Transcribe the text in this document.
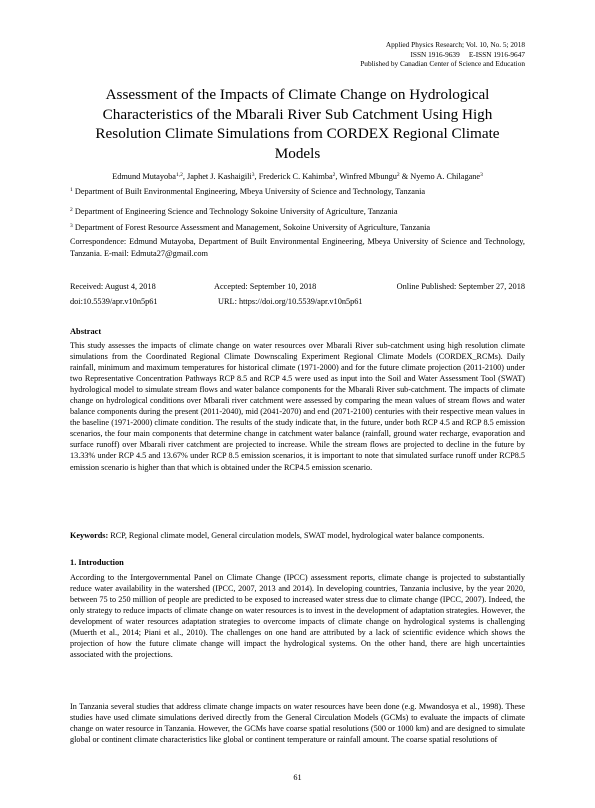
Applied Physics Research; Vol. 10, No. 5; 2018
ISSN 1916-9639     E-ISSN 1916-9647
Published by Canadian Center of Science and Education
Assessment of the Impacts of Climate Change on Hydrological Characteristics of the Mbarali River Sub Catchment Using High Resolution Climate Simulations from CORDEX Regional Climate Models
Edmund Mutayoba$^{1,2}$, Japhet J. Kashaigili$^3$, Frederick C. Kahimba$^2$, Winfred Mbungu$^2$ & Nyemo A. Chilagane$^3$
$^1$ Department of Built Environmental Engineering, Mbeya University of Science and Technology, Tanzania
$^2$ Department of Engineering Science and Technology Sokoine University of Agriculture, Tanzania
$^3$ Department of Forest Resource Assessment and Management, Sokoine University of Agriculture, Tanzania
Correspondence: Edmund Mutayoba, Department of Built Environmental Engineering, Mbeya University of Science and Technology, Tanzania. E-mail: Edmuta27@gmail.com
Received: August 4, 2018	Accepted: September 10, 2018	Online Published: September 27, 2018
doi:10.5539/apr.v10n5p61	URL: https://doi.org/10.5539/apr.v10n5p61
Abstract
This study assesses the impacts of climate change on water resources over Mbarali River sub-catchment using high resolution climate simulations from the Coordinated Regional Climate Downscaling Experiment Regional Climate Models (CORDEX_RCMs). Daily rainfall, minimum and maximum temperatures for historical climate (1971-2000) and for the future climate projection (2011-2100) under two Representative Concentration Pathways RCP 8.5 and RCP 4.5 were used as input into the Soil and Water Assessment Tool (SWAT) hydrological model to simulate stream flows and water balance components for the Mbarali River sub-catchment. The impacts of climate change on hydrological conditions over Mbarali river catchment were assessed by comparing the mean values of stream flows and water balance components during the present (2011-2040), mid (2041-2070) and end (2071-2100) centuries with their respective mean values in the baseline (1971-2000) climate condition. The results of the study indicate that, in the future, under both RCP 4.5 and RCP 8.5 emission scenarios, the four main components that determine change in catchment water balance (rainfall, ground water recharge, evaporation and surface runoff) over Mbarali river catchment are projected to increase. While the stream flows are projected to decline in the future by 13.33% under RCP 4.5 and 13.67% under RCP 8.5 emission scenarios, it is important to note that simulated surface runoff under RCP8.5 emission scenario is higher than that which is obtained under the RCP4.5 emission scenario.
Keywords: RCP, Regional climate model, General circulation models, SWAT model, hydrological water balance components.
1. Introduction
According to the Intergovernmental Panel on Climate Change (IPCC) assessment reports, climate change is projected to substantially reduce water availability in the watershed (IPCC, 2007, 2013 and 2014). In developing countries, Tanzania inclusive, by the year 2020, between 75 to 250 million of people are predicted to be exposed to increased water stress due to climate change (IPCC, 2007). Indeed, the only strategy to reduce impacts of climate change on water resources is to invest in the development of adaptation strategies. However, the development of water resources adaptation strategies to overcome impacts of climate change on hydrological systems is challenging (Muerth et al., 2014; Piani et al., 2010). The challenges on one hand are attributed by a lack of scientific evidence which shows the projection of how the future climate change will impact the hydrological systems. On the other hand, there are high uncertainties associated with the projections.
In Tanzania several studies that address climate change impacts on water resources have been done (e.g. Mwandosya et al., 1998). These studies have used climate simulations derived directly from the General Circulation Models (GCMs) to evaluate the impacts of climate change on water resource in Tanzania. However, the GCMs have coarse spatial resolutions (500 or 1000 km) and are designed to simulate global or continent climate characteristics like global or continent temperature or rainfall amount. The coarse spatial resolutions of
61
